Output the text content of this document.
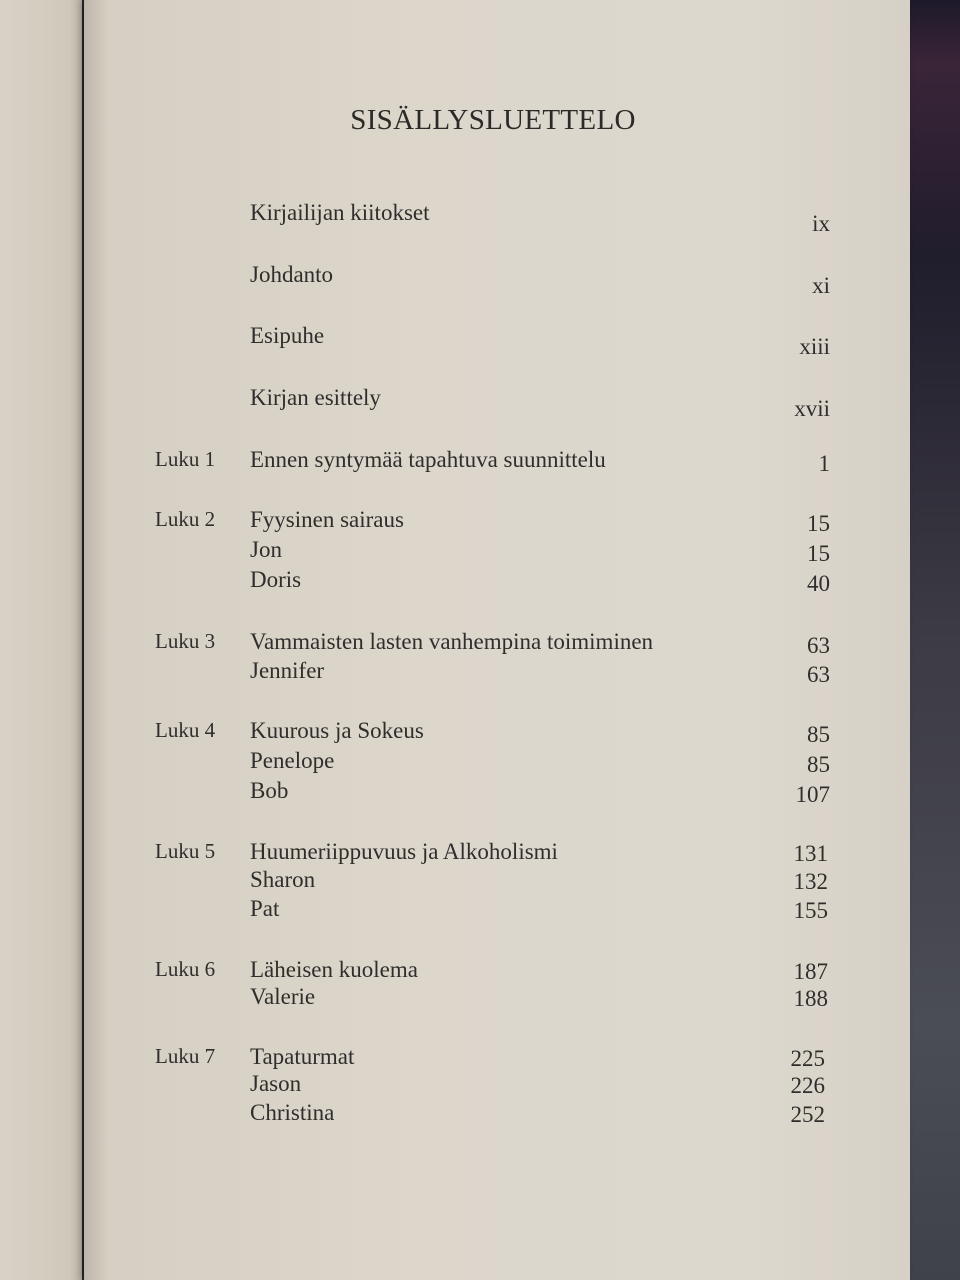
SISÄLLYSLUETTELO
Kirjailijan kiitokset	ix
Johdanto	xi
Esipuhe	xiii
Kirjan esittely	xvii
Luku 1 Ennen syntymää tapahtuva suunnittelu	1
Luku 2 Fyysinen sairaus	15
Jon	15
Doris	40
Luku 3 Vammaisten lasten vanhempina toimiminen	63
Jennifer	63
Luku 4 Kuurous ja Sokeus	85
Penelope	85
Bob	107
Luku 5 Huumeriippuvuus ja Alkoholismi	131
Sharon	132
Pat	155
Luku 6 Läheisen kuolema	187
Valerie	188
Luku 7 Tapaturmat	225
Jason	226
Christina	252
